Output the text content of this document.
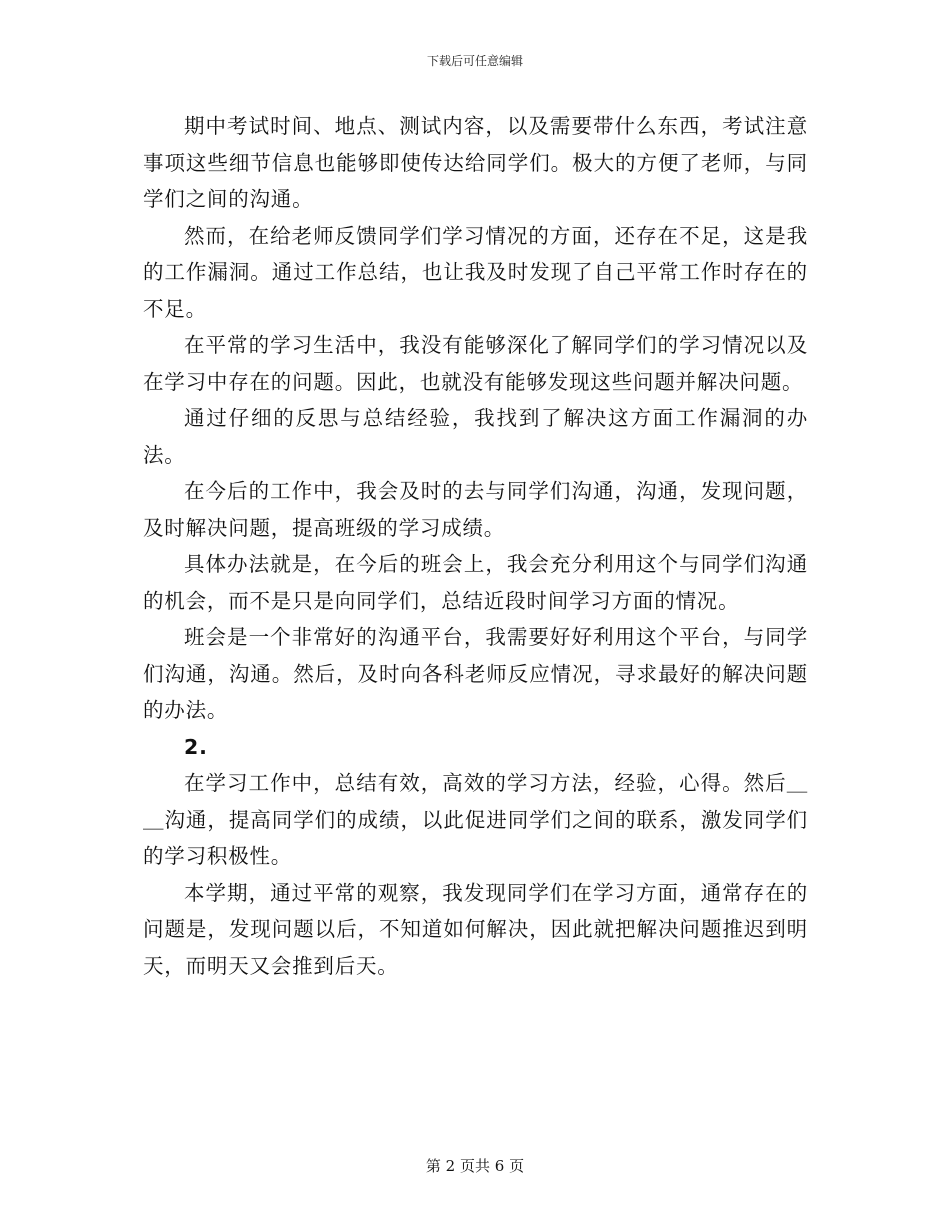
下载后可任意编辑

期中考试时间、地点、测试内容，以及需要带什么东西，考试注意事项这些细节信息也能够即使传达给同学们。极大的方便了老师，与同学们之间的沟通。

然而，在给老师反馈同学们学习情况的方面，还存在不足，这是我的工作漏洞。通过工作总结，也让我及时发现了自己平常工作时存在的不足。

在平常的学习生活中，我没有能够深化了解同学们的学习情况以及在学习中存在的问题。因此，也就没有能够发现这些问题并解决问题。

通过仔细的反思与总结经验，我找到了解决这方面工作漏洞的办法。

在今后的工作中，我会及时的去与同学们沟通，沟通，发现问题，及时解决问题，提高班级的学习成绩。

具体办法就是，在今后的班会上，我会充分利用这个与同学们沟通的机会，而不是只是向同学们，总结近段时间学习方面的情况。

班会是一个非常好的沟通平台，我需要好好利用这个平台，与同学们沟通，沟通。然后，及时向各科老师反应情况，寻求最好的解决问题的办法。

2.

在学习工作中，总结有效，高效的学习方法，经验，心得。然后＿＿沟通，提高同学们的成绩，以此促进同学们之间的联系，激发同学们的学习积极性。

本学期，通过平常的观察，我发现同学们在学习方面，通常存在的问题是，发现问题以后，不知道如何解决，因此就把解决问题推迟到明天，而明天又会推到后天。

第 2 页共 6 页
